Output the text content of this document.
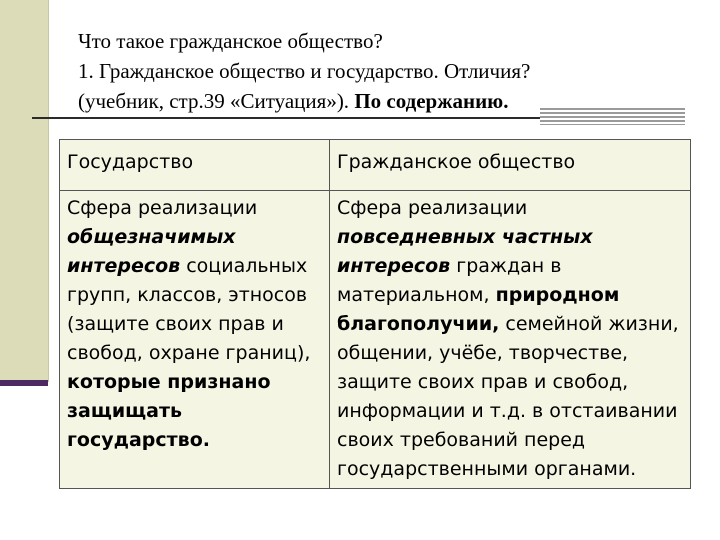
Что такое гражданское общество?
1. Гражданское общество и государство. Отличия?
(учебник, стр.39 «Ситуация»). По содержанию.
Государство	Гражданское общество
Сфера реализации общезначимых интересов социальных групп, классов, этносов (защите своих прав и свобод, охране границ), которые признано защищать государство.	Сфера реализации повседневных частных интересов граждан в материальном, природном благополучии, семейной жизни, общении, учёбе, творчестве, защите своих прав и свобод, информации и т.д. в отстаивании своих требований перед государственными органами.
